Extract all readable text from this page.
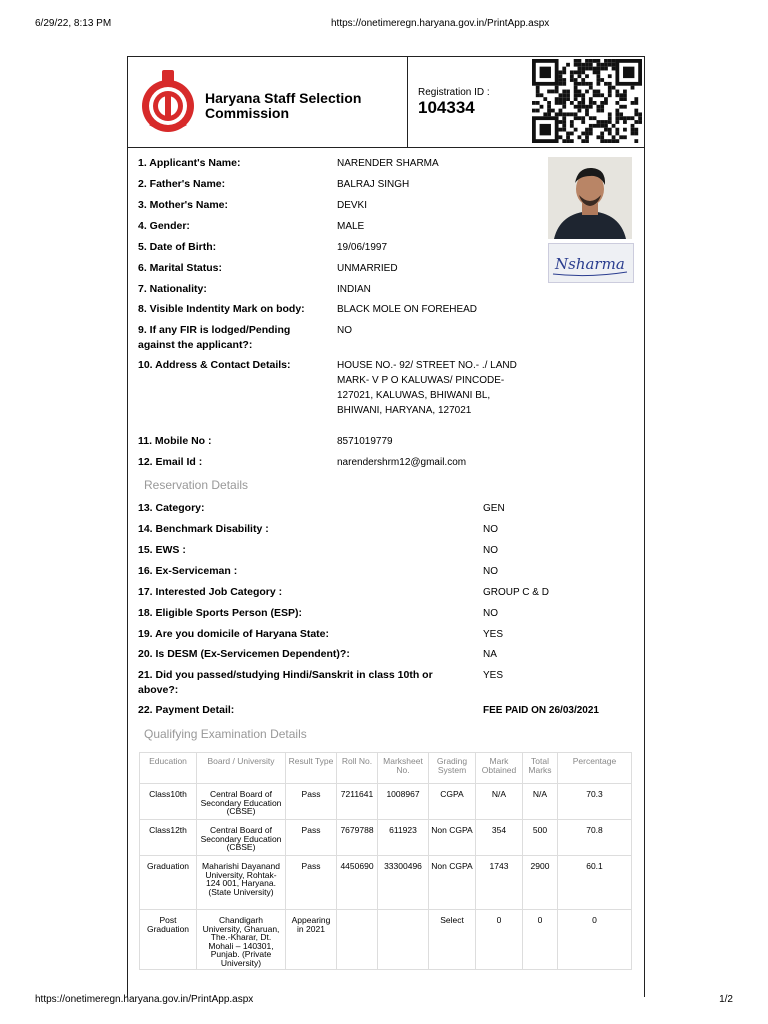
6/29/22, 8:13 PM	https://onetimeregn.haryana.gov.in/PrintApp.aspx
Haryana Staff Selection Commission
Registration ID :
104334
1. Applicant's Name:	NARENDER SHARMA
2. Father's Name:	BALRAJ SINGH
3. Mother's Name:	DEVKI
4. Gender:	MALE
5. Date of Birth:	19/06/1997
6. Marital Status:	UNMARRIED
7. Nationality:	INDIAN
8. Visible Indentity Mark on body:	BLACK MOLE ON FOREHEAD
9. If any FIR is lodged/Pending against the applicant?:
NO
10. Address & Contact Details:	HOUSE NO.- 92/ STREET NO.- ./ LAND MARK- V P O KALUWAS/ PINCODE- 127021, KALUWAS, BHIWANI BL, BHIWANI, HARYANA, 127021
11. Mobile No :	8571019779
12. Email Id :	narendershrm12@gmail.com
Nsharma
Reservation Details
13. Category:	GEN
14. Benchmark Disability :	NO
15. EWS :	NO
16. Ex-Serviceman :	NO
17. Interested Job Category :	GROUP C & D
18. Eligible Sports Person (ESP):	NO
19. Are you domicile of Haryana State:	YES
20. Is DESM (Ex-Servicemen Dependent)?:	NA
21. Did you passed/studying Hindi/Sanskrit in class 10th or above?:
YES
22. Payment Detail:	FEE PAID ON 26/03/2021
Qualifying Examination Details
Education	Board / University	Result Type	Roll No.	Marksheet No.	Grading System	Mark Obtained	Total Marks	Percentage
Class10th	Central Board of Secondary Education (CBSE)	Pass	7211641	1008967	CGPA	N/A	N/A	70.3
Class12th	Central Board of Secondary Education (CBSE)	Pass	7679788	611923	Non CGPA	354	500	70.8
Graduation	Maharishi Dayanand University, Rohtak-124 001, Haryana. (State University)	Pass	4450690	33300496	Non CGPA	1743	2900	60.1
Post Graduation	Chandigarh University, Gharuan, The.-Kharar, Dt. Mohali – 140301, Punjab. (Private University)	Appearing in 2021			Select	0	0	0
https://onetimeregn.haryana.gov.in/PrintApp.aspx	1/2
